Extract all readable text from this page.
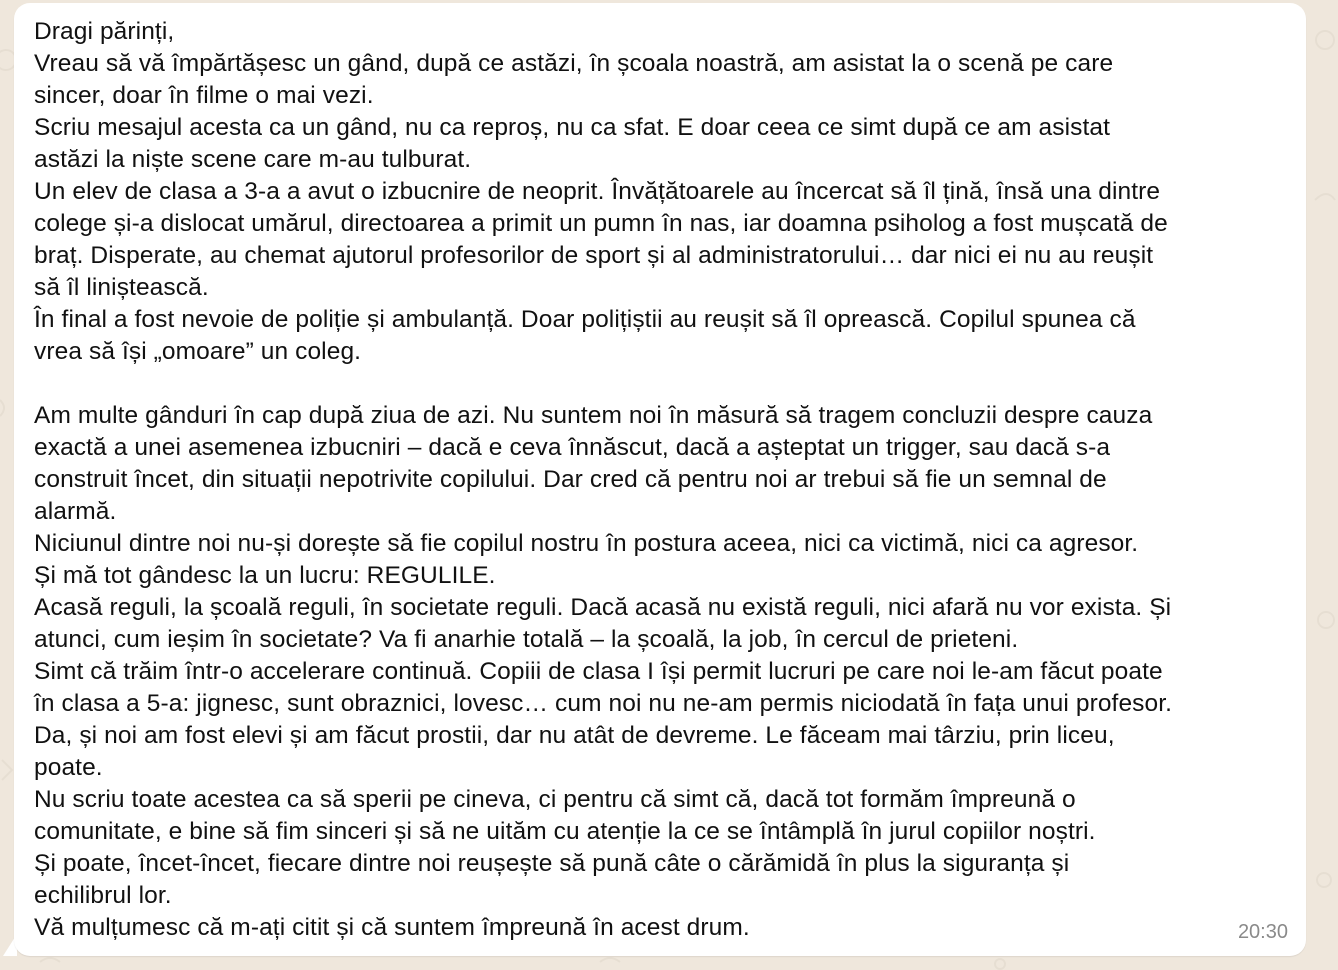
Dragi părinți,
Vreau să vă împărtășesc un gând, după ce astăzi, în școala noastră, am asistat la o scenă pe care
sincer, doar în filme o mai vezi.
Scriu mesajul acesta ca un gând, nu ca reproș, nu ca sfat. E doar ceea ce simt după ce am asistat
astăzi la niște scene care m-au tulburat.
Un elev de clasa a 3-a a avut o izbucnire de neoprit. Învățătoarele au încercat să îl țină, însă una dintre
colege și-a dislocat umărul, directoarea a primit un pumn în nas, iar doamna psiholog a fost mușcată de
braț. Disperate, au chemat ajutorul profesorilor de sport și al administratorului… dar nici ei nu au reușit
să îl liniștească.
În final a fost nevoie de poliție și ambulanță. Doar polițiștii au reușit să îl oprească. Copilul spunea că
vrea să își „omoare” un coleg.
Am multe gânduri în cap după ziua de azi. Nu suntem noi în măsură să tragem concluzii despre cauza
exactă a unei asemenea izbucniri – dacă e ceva înnăscut, dacă a așteptat un trigger, sau dacă s-a
construit încet, din situații nepotrivite copilului. Dar cred că pentru noi ar trebui să fie un semnal de
alarmă.
Niciunul dintre noi nu-și dorește să fie copilul nostru în postura aceea, nici ca victimă, nici ca agresor.
Și mă tot gândesc la un lucru: REGULILE.
Acasă reguli, la școală reguli, în societate reguli. Dacă acasă nu există reguli, nici afară nu vor exista. Și
atunci, cum ieșim în societate? Va fi anarhie totală – la școală, la job, în cercul de prieteni.
Simt că trăim într-o accelerare continuă. Copiii de clasa I își permit lucruri pe care noi le-am făcut poate
în clasa a 5-a: jignesc, sunt obraznici, lovesc… cum noi nu ne-am permis niciodată în fața unui profesor.
Da, și noi am fost elevi și am făcut prostii, dar nu atât de devreme. Le făceam mai târziu, prin liceu,
poate.
Nu scriu toate acestea ca să sperii pe cineva, ci pentru că simt că, dacă tot formăm împreună o
comunitate, e bine să fim sinceri și să ne uităm cu atenție la ce se întâmplă în jurul copiilor noștri.
Și poate, încet-încet, fiecare dintre noi reușește să pună câte o cărămidă în plus la siguranța și
echilibrul lor.
Vă mulțumesc că m-ați citit și că suntem împreună în acest drum.	20:30
